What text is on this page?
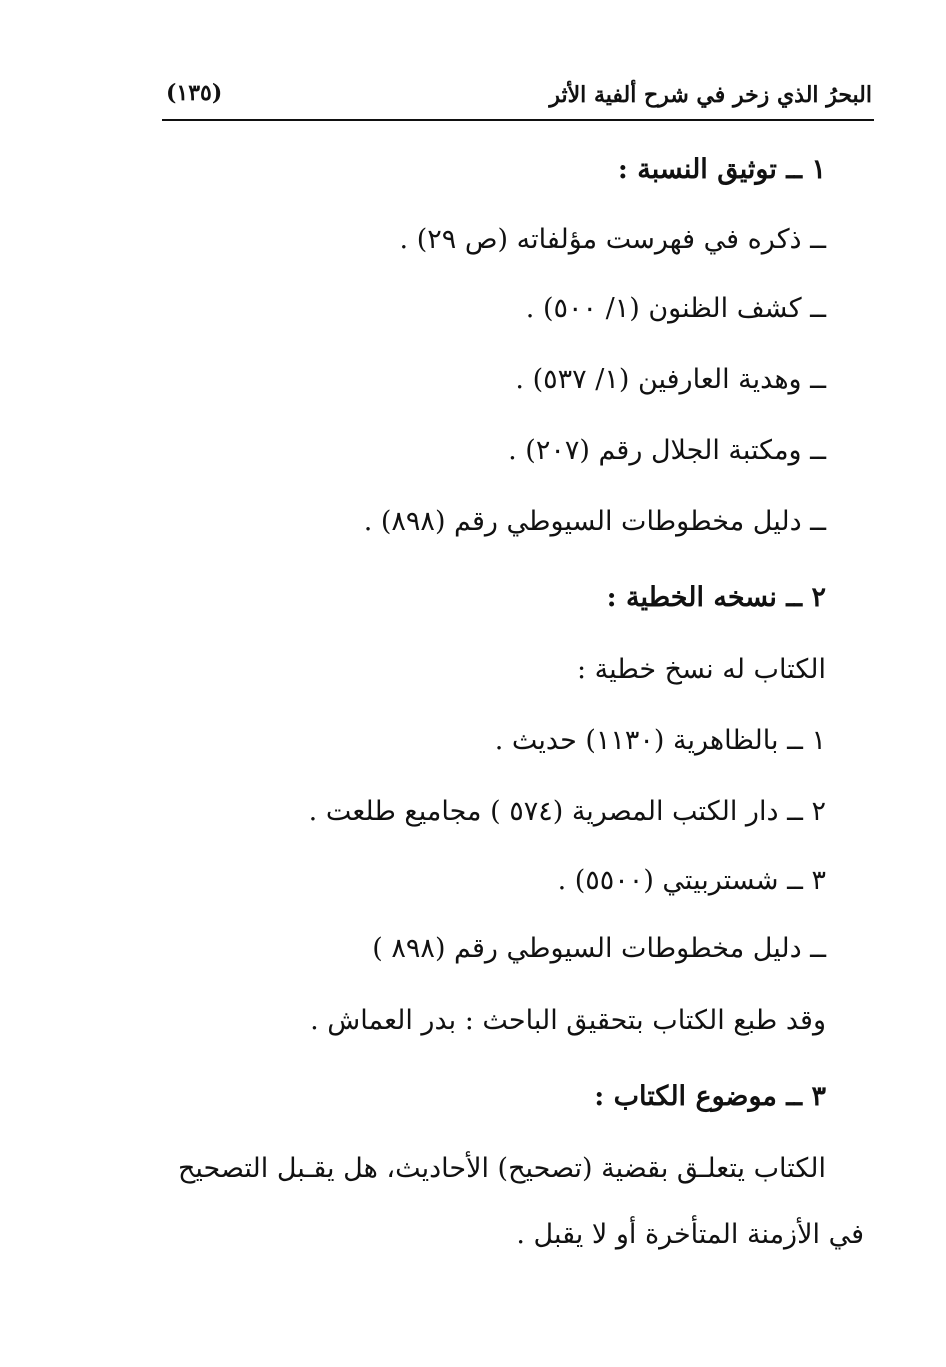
البحرُ الذي زخر في شرح ألفية الأثر
(١٣٥)
١ ــ توثيق النسبة :
ــ ذكره في فهرست مؤلفاته (ص ٢٩) .
ــ كشف الظنون (١/ ٥٠٠) .
ــ وهدية العارفين (١/ ٥٣٧) .
ــ ومكتبة الجلال رقم (٢٠٧) .
ــ دليل مخطوطات السيوطي رقم (٨٩٨) .
٢ ــ نسخه الخطية :
الكتاب له نسخ خطية :
١ ــ بالظاهرية (١١٣٠) حديث .
٢ ــ دار الكتب المصرية (٥٧٤ ) مجاميع طلعت .
٣ ــ شستربيتي (٥٥٠٠) .
ــ دليل مخطوطات السيوطي رقم (٨٩٨ )
وقد طبع الكتاب بتحقيق الباحث : بدر العماش .
٣ ــ موضوع الكتاب :
الكتاب يتعلـق بقضية (تصحيح) الأحاديث، هل يقـبل التصحيح
في الأزمنة المتأخرة أو لا يقبل .
